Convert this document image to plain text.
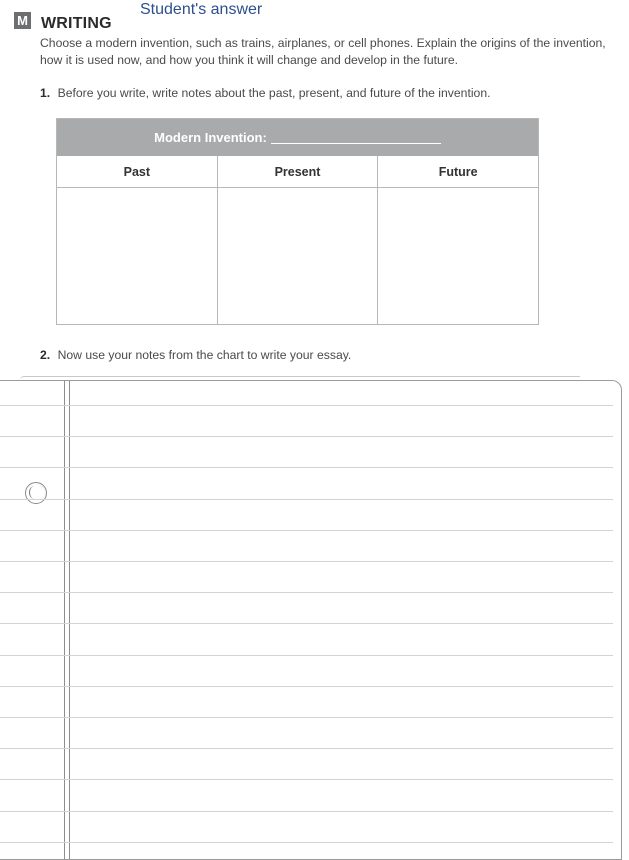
M WRITING
Student's answer
Choose a modern invention, such as trains, airplanes, or cell phones. Explain the origins of the invention, how it is used now, and how you think it will change and develop in the future.
1. Before you write, write notes about the past, present, and future of the invention.
Modern Invention:
Past	Present	Future
2. Now use your notes from the chart to write your essay.
